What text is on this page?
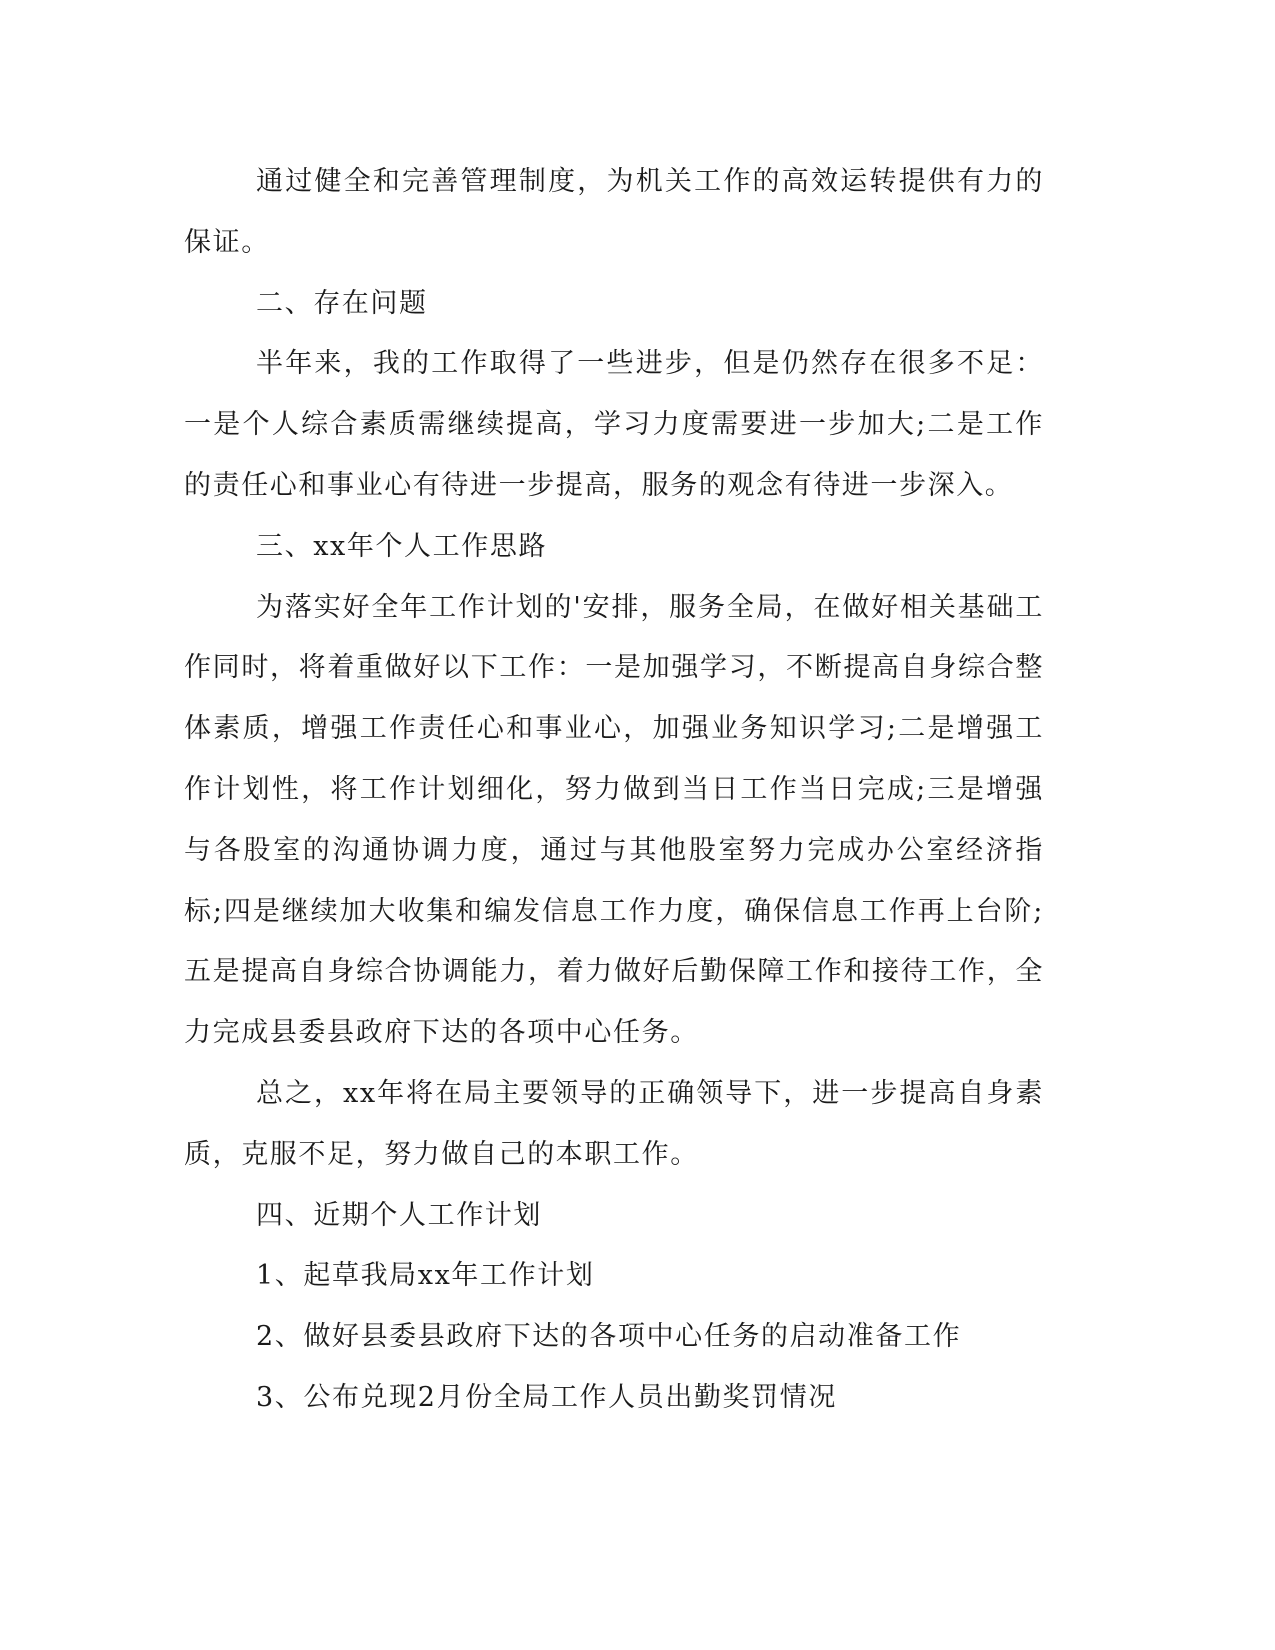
通过健全和完善管理制度，为机关工作的高效运转提供有力的保证。

二、存在问题

半年来，我的工作取得了一些进步，但是仍然存在很多不足：一是个人综合素质需继续提高，学习力度需要进一步加大;二是工作的责任心和事业心有待进一步提高，服务的观念有待进一步深入。

三、xx年个人工作思路

为落实好全年工作计划的'安排，服务全局，在做好相关基础工作同时，将着重做好以下工作：一是加强学习，不断提高自身综合整体素质，增强工作责任心和事业心，加强业务知识学习;二是增强工作计划性，将工作计划细化，努力做到当日工作当日完成;三是增强与各股室的沟通协调力度，通过与其他股室努力完成办公室经济指标;四是继续加大收集和编发信息工作力度，确保信息工作再上台阶;五是提高自身综合协调能力，着力做好后勤保障工作和接待工作，全力完成县委县政府下达的各项中心任务。

总之，xx年将在局主要领导的正确领导下，进一步提高自身素质，克服不足，努力做自己的本职工作。

四、近期个人工作计划

1、起草我局xx年工作计划

2、做好县委县政府下达的各项中心任务的启动准备工作

3、公布兑现2月份全局工作人员出勤奖罚情况
